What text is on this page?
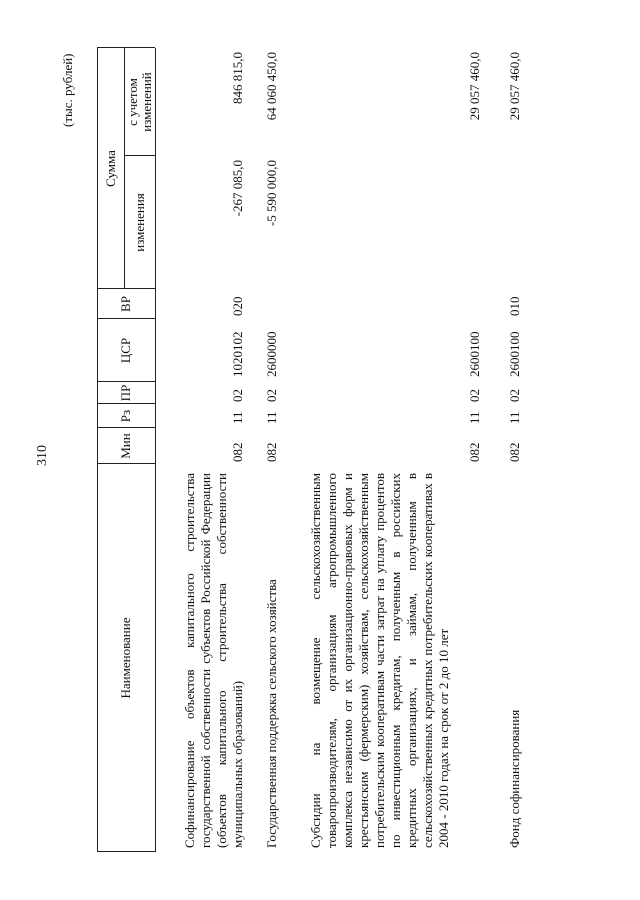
310
(тыс. рублей)
Наименование
Мин
Рз
ПР
ЦСР
ВР
Сумма
изменения
с учетом изменений
Софинансирование объектов капитального строительства государственной собственности субъектов Российской Федерации (объектов капитального строительства собственности муниципальных образований)
082
11
02
1020102
020
-267 085,0
846 815,0
Государственная поддержка сельского хозяйства
082
11
02
2600000
-5 590 000,0
64 060 450,0
Субсидии на возмещение сельскохозяйственным товаропроизводителям, организациям агропромышленного комплекса независимо от их организационно-правовых форм и крестьянским (фермерским) хозяйствам, сельскохозяйственным потребительским кооперативам части затрат на уплату процентов по инвестиционным кредитам, полученным в российских кредитных организациях, и займам, полученным в сельскохозяйственных кредитных потребительских кооперативах в 2004 - 2010 годах на срок от 2 до 10 лет
082
11
02
2600100
29 057 460,0
Фонд софинансирования
082
11
02
2600100
010
29 057 460,0
